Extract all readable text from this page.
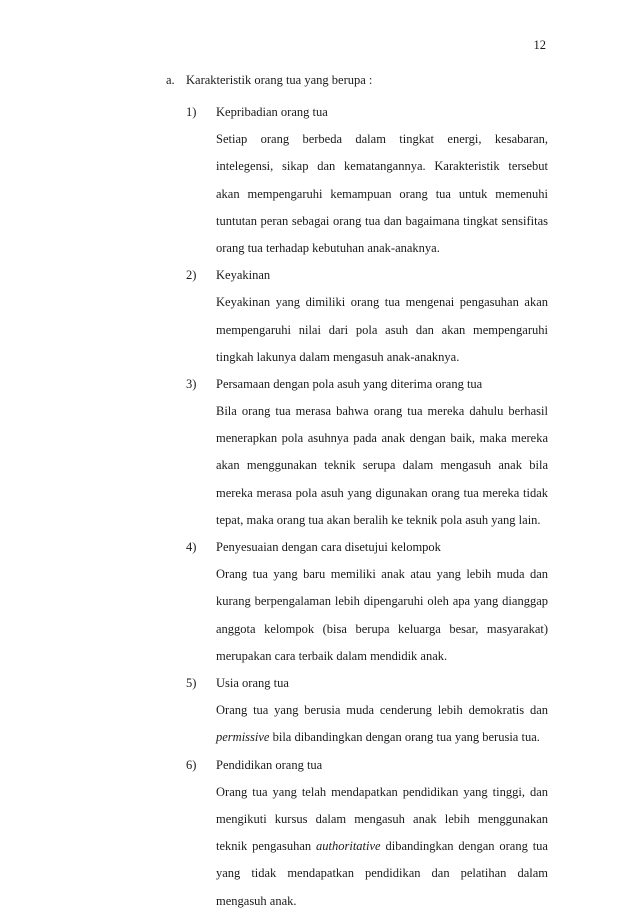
12
a. Karakteristik orang tua yang berupa :
1) Kepribadian orang tua
Setiap orang berbeda dalam tingkat energi, kesabaran,
intelegensi, sikap dan kematangannya. Karakteristik tersebut
akan mempengaruhi kemampuan orang tua untuk memenuhi
tuntutan peran sebagai orang tua dan bagaimana tingkat sensifitas
orang tua terhadap kebutuhan anak-anaknya.
2) Keyakinan
Keyakinan yang dimiliki orang tua mengenai pengasuhan akan
mempengaruhi nilai dari pola asuh dan akan mempengaruhi
tingkah lakunya dalam mengasuh anak-anaknya.
3) Persamaan dengan pola asuh yang diterima orang tua
Bila orang tua merasa bahwa orang tua mereka dahulu berhasil
menerapkan pola asuhnya pada anak dengan baik, maka mereka
akan menggunakan teknik serupa dalam mengasuh anak bila
mereka merasa pola asuh yang digunakan orang tua mereka tidak
tepat, maka orang tua akan beralih ke teknik pola asuh yang lain.
4) Penyesuaian dengan cara disetujui kelompok
Orang tua yang baru memiliki anak atau yang lebih muda dan
kurang berpengalaman lebih dipengaruhi oleh apa yang dianggap
anggota kelompok (bisa berupa keluarga besar, masyarakat)
merupakan cara terbaik dalam mendidik anak.
5) Usia orang tua
Orang tua yang berusia muda cenderung lebih demokratis dan
permissive bila dibandingkan dengan orang tua yang berusia tua.
6) Pendidikan orang tua
Orang tua yang telah mendapatkan pendidikan yang tinggi, dan
mengikuti kursus dalam mengasuh anak lebih menggunakan
teknik pengasuhan authoritative dibandingkan dengan orang tua
yang tidak mendapatkan pendidikan dan pelatihan dalam
mengasuh anak.
